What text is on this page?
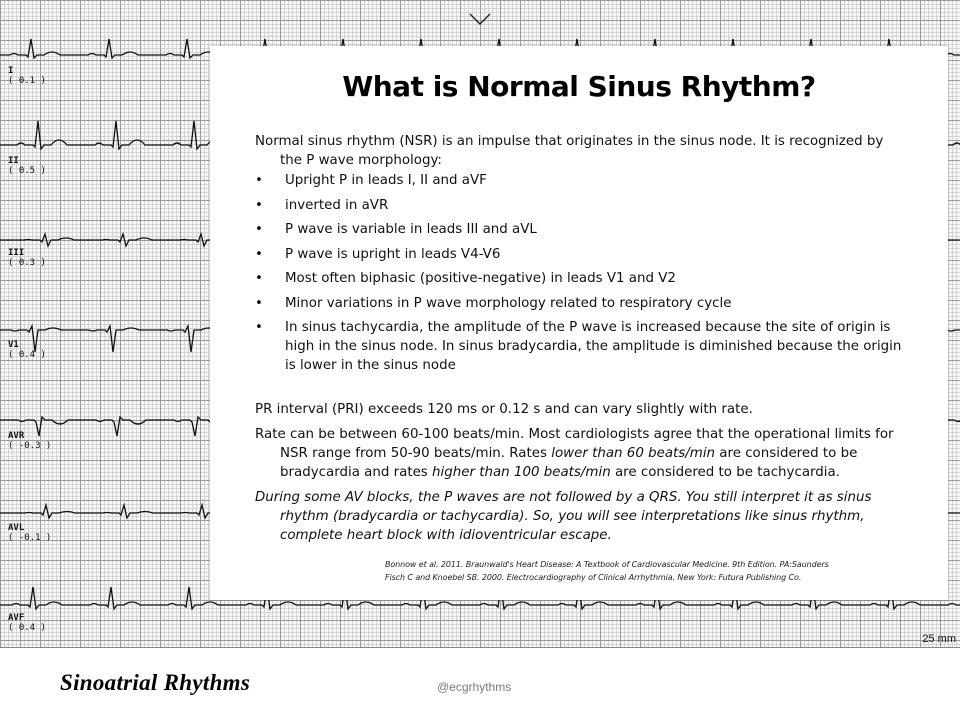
I
( 0.1 )

II
( 0.5 )

III
( 0.3 )

V1
( 0.4 )

AVR
( -0.3 )

AVL
( -0.1 )

AVF
( 0.4 )

25 mm
What is Normal Sinus Rhythm?

Normal sinus rhythm (NSR) is an impulse that originates in the sinus node. It is recognized by the P wave morphology:

• Upright P in leads I, II and aVF
• inverted in aVR
• P wave is variable in leads III and aVL
• P wave is upright in leads V4-V6
• Most often biphasic (positive-negative) in leads V1 and V2
• Minor variations in P wave morphology related to respiratory cycle
• In sinus tachycardia, the amplitude of the P wave is increased because the site of origin is high in the sinus node. In sinus bradycardia, the amplitude is diminished because the origin is lower in the sinus node

PR interval (PRI) exceeds 120 ms or 0.12 s and can vary slightly with rate.

Rate can be between 60-100 beats/min. Most cardiologists agree that the operational limits for NSR range from 50-90 beats/min. Rates lower than 60 beats/min are considered to be bradycardia and rates higher than 100 beats/min are considered to be tachycardia.

During some AV blocks, the P waves are not followed by a QRS. You still interpret it as sinus rhythm (bradycardia or tachycardia). So, you will see interpretations like sinus rhythm, complete heart block with idioventricular escape.

Bonnow et al. 2011. Braunwald's Heart Disease: A Textbook of Cardiovascular Medicine. 9th Edition. PA:Saunders
Fisch C and Knoebel SB. 2000. Electrocardiography of Clinical Arrhythmia. New York: Futura Publishing Co.
Sinoatrial Rhythms	@ecgrhythms
